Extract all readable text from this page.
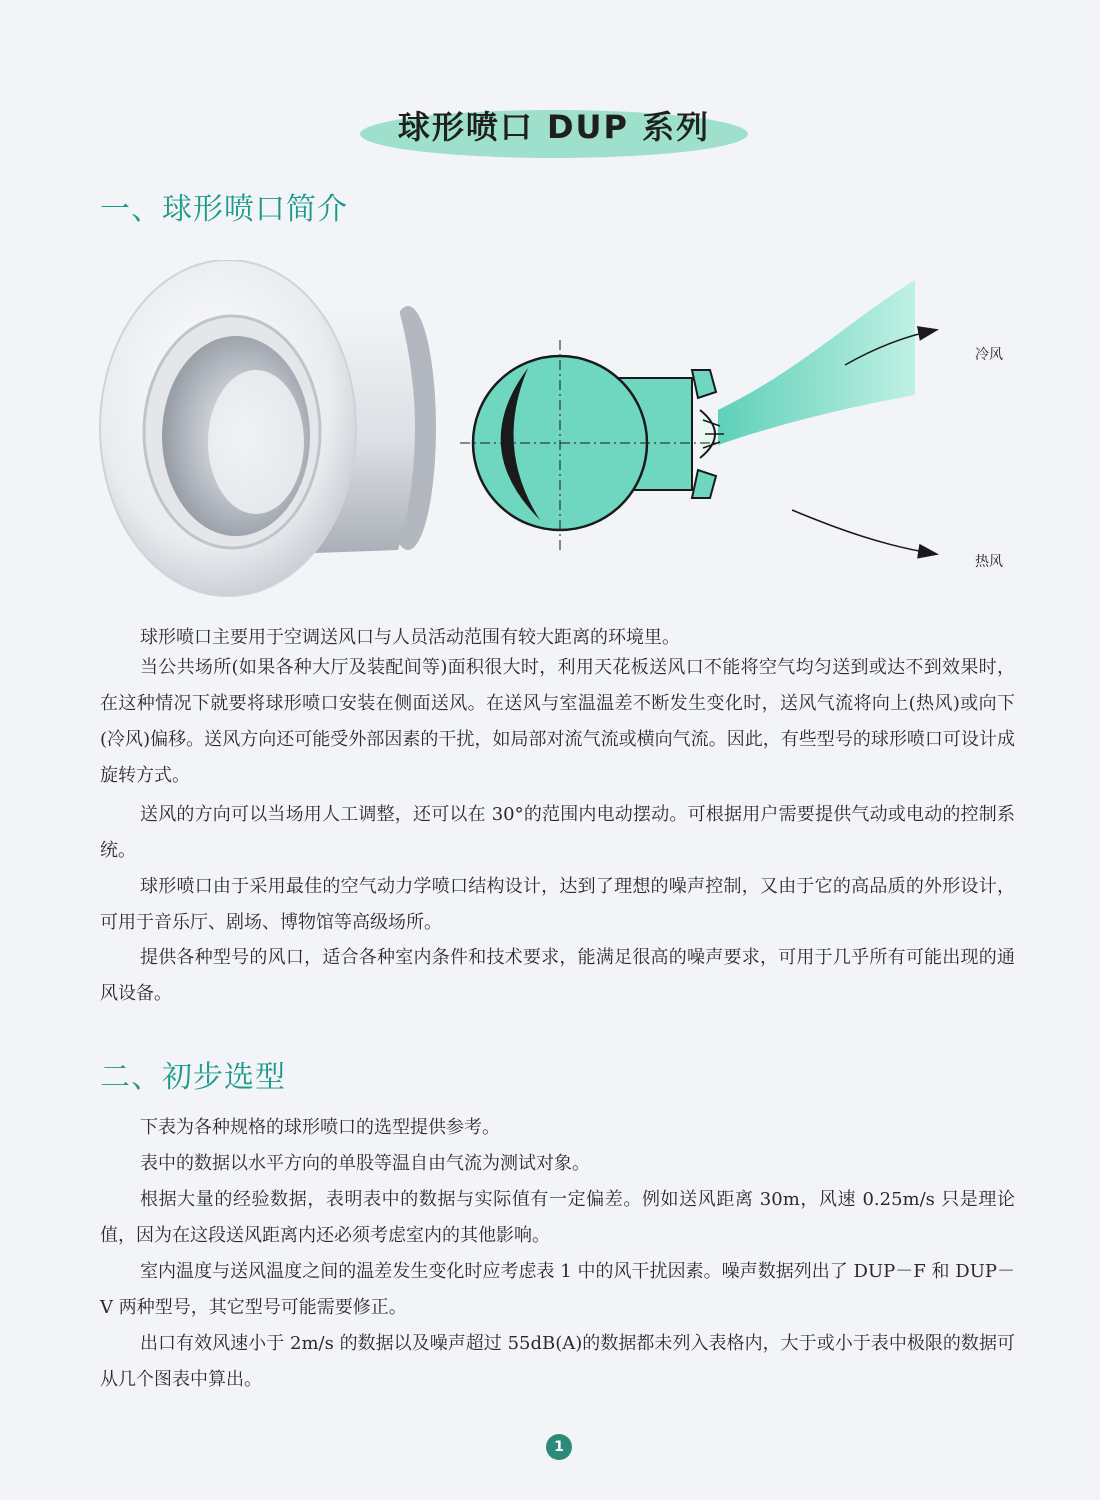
球形喷口 DUP 系列
一、球形喷口简介
冷风
热风

球形喷口主要用于空调送风口与人员活动范围有较大距离的环境里。

当公共场所(如果各种大厅及装配间等)面积很大时，利用天花板送风口不能将空气均匀送到或达不到效果时，在这种情况下就要将球形喷口安装在侧面送风。在送风与室温温差不断发生变化时，送风气流将向上(热风)或向下(冷风)偏移。送风方向还可能受外部因素的干扰，如局部对流气流或横向气流。因此，有些型号的球形喷口可设计成旋转方式。

送风的方向可以当场用人工调整，还可以在 30°的范围内电动摆动。可根据用户需要提供气动或电动的控制系统。

球形喷口由于采用最佳的空气动力学喷口结构设计，达到了理想的噪声控制，又由于它的高品质的外形设计，可用于音乐厅、剧场、博物馆等高级场所。

提供各种型号的风口，适合各种室内条件和技术要求，能满足很高的噪声要求，可用于几乎所有可能出现的通风设备。

二、初步选型

下表为各种规格的球形喷口的选型提供参考。

表中的数据以水平方向的单股等温自由气流为测试对象。

根据大量的经验数据，表明表中的数据与实际值有一定偏差。例如送风距离 30m，风速 0.25m/s 只是理论值，因为在这段送风距离内还必须考虑室内的其他影响。

室内温度与送风温度之间的温差发生变化时应考虑表 1 中的风干扰因素。噪声数据列出了 DUP－F 和 DUP－V 两种型号，其它型号可能需要修正。

出口有效风速小于 2m/s 的数据以及噪声超过 55dB(A)的数据都未列入表格内，大于或小于表中极限的数据可从几个图表中算出。

1
